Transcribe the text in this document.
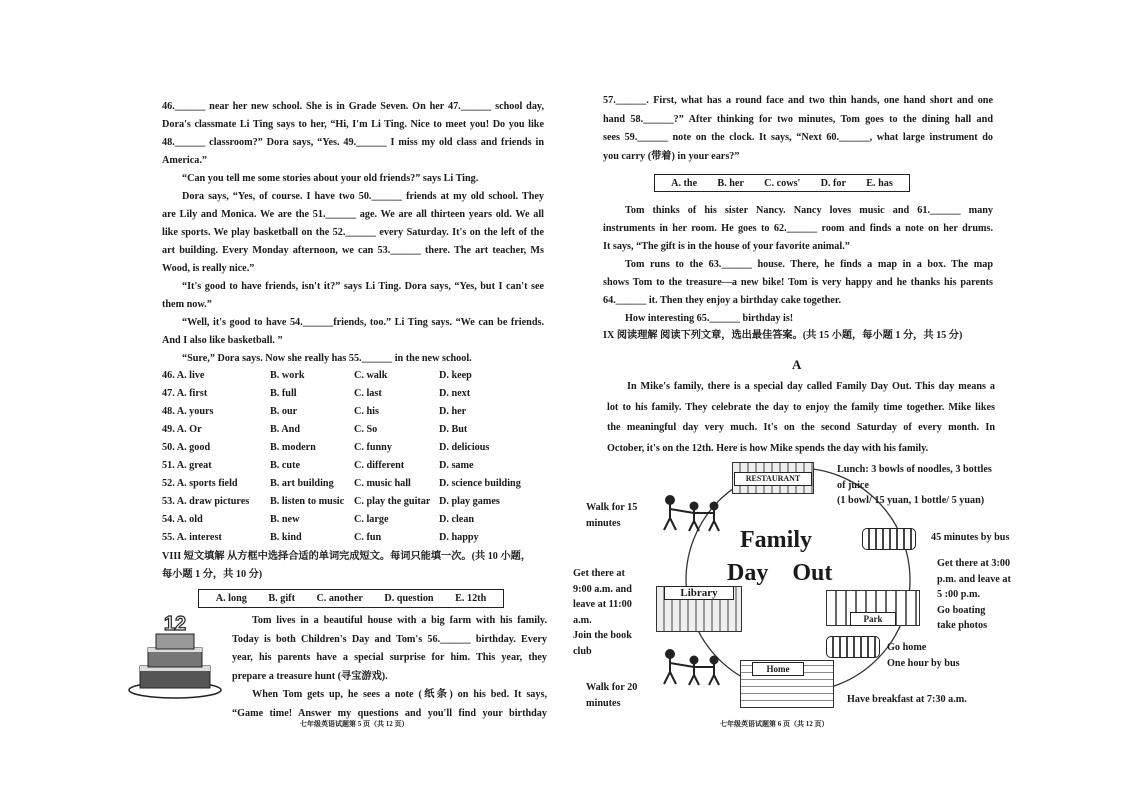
46.______ near her new school. She is in Grade Seven. On her 47.______ school day,
Dora's classmate Li Ting says to her, “Hi, I'm Li Ting. Nice to meet you! Do you like
48.______ classroom?” Dora says, “Yes. 49.______ I miss my old class and friends in
America.”
“Can you tell me some stories about your old friends?” says Li Ting.
Dora says, “Yes, of course. I have two 50.______ friends at my old school. They
are Lily and Monica. We are the 51.______ age. We are all thirteen years old. We all
like sports. We play basketball on the 52.______ every Saturday. It's on the left of the
art building. Every Monday afternoon, we can 53.______ there. The art teacher, Ms
Wood, is really nice.”
“It's good to have friends, isn't it?” says Li Ting. Dora says, “Yes, but I can't see
them now.”
“Well, it's good to have 54.______friends, too.” Li Ting says. “We can be friends.
And I also like basketball. ”
“Sure,” Dora says. Now she really has 55.______ in the new school.
46. A. live	B. work	C. walk	D. keep
47. A. first	B. full	C. last	D. next
48. A. yours	B. our	C. his	D. her
49. A. Or	B. And	C. So	D. But
50. A. good	B. modern	C. funny	D. delicious
51. A. great	B. cute	C. different	D. same
52. A. sports field	B. art building C. music hall	D. science building
53. A. draw pictures B. listen to music C. play the guitar D. play games
54. A. old	B. new	C. large	D. clean
55. A. interest	B. kind	C. fun	D. happy
VIII 短文填解 从方框中选择合适的单词完成短文。每词只能填一次。(共 10 小题，
每小题 1 分，共 10 分)
A. long B. gift C. another D. question E. 12th
12	Tom lives in a beautiful house with a big farm with his family.
Today is both Children's Day and Tom's 56.______ birthday. Every
year, his parents have a special surprise for him. This year, they
prepare a treasure hunt (寻宝游戏).
When Tom gets up, he sees a note (纸条) on his bed. It says,
“Game time! Answer my questions and you'll find your birthday
七年级英语试题第 5 页（共 12 页）
57.______. First, what has a round face and two thin hands, one hand short and one
hand 58.______?” After thinking for two minutes, Tom goes to the dining hall and
sees 59.______ note on the clock. It says, “Next 60.______, what large instrument do
you carry (带着) in your ears?”
A. the B. her C. cows' D. for E. has
Tom thinks of his sister Nancy. Nancy loves music and 61.______ many
instruments in her room. He goes to 62.______ room and finds a note on her drums.
It says, “The gift is in the house of your favorite animal.”
Tom runs to the 63.______ house. There, he finds a map in a box. The map
shows Tom to the treasure—a new bike! Tom is very happy and he thanks his parents
64.______ it. Then they enjoy a birthday cake together.
How interesting 65.______ birthday is!
IX 阅读理解 阅读下列文章，选出最佳答案。(共 15 小题，每小题 1 分，共 15 分)
A
In Mike's family, there is a special day called Family Day Out. This day means a
lot to his family. They celebrate the day to enjoy the family time together. Mike likes
the meaningful day very much. It's on the second Saturday of every month. In
October, it's on the 12th. Here is how Mike spends the day with his family.
Family
Day    Out
RESTAURANT
Library
Park
Home
Lunch: 3 bowls of noodles, 3 bottles
of juice
(1 bowl/ 15 yuan, 1 bottle/ 5 yuan)
Walk for 15
minutes
45 minutes by bus
Get there at
9:00 a.m. and
leave at 11:00
a.m.
Join the book
club
Get there at 3:00
p.m. and leave at
5 :00 p.m.
Go boating
take photos
Go home
One hour by bus
Walk for 20
minutes	Have breakfast at 7:30 a.m.
七年级英语试题第 6 页（共 12 页）
